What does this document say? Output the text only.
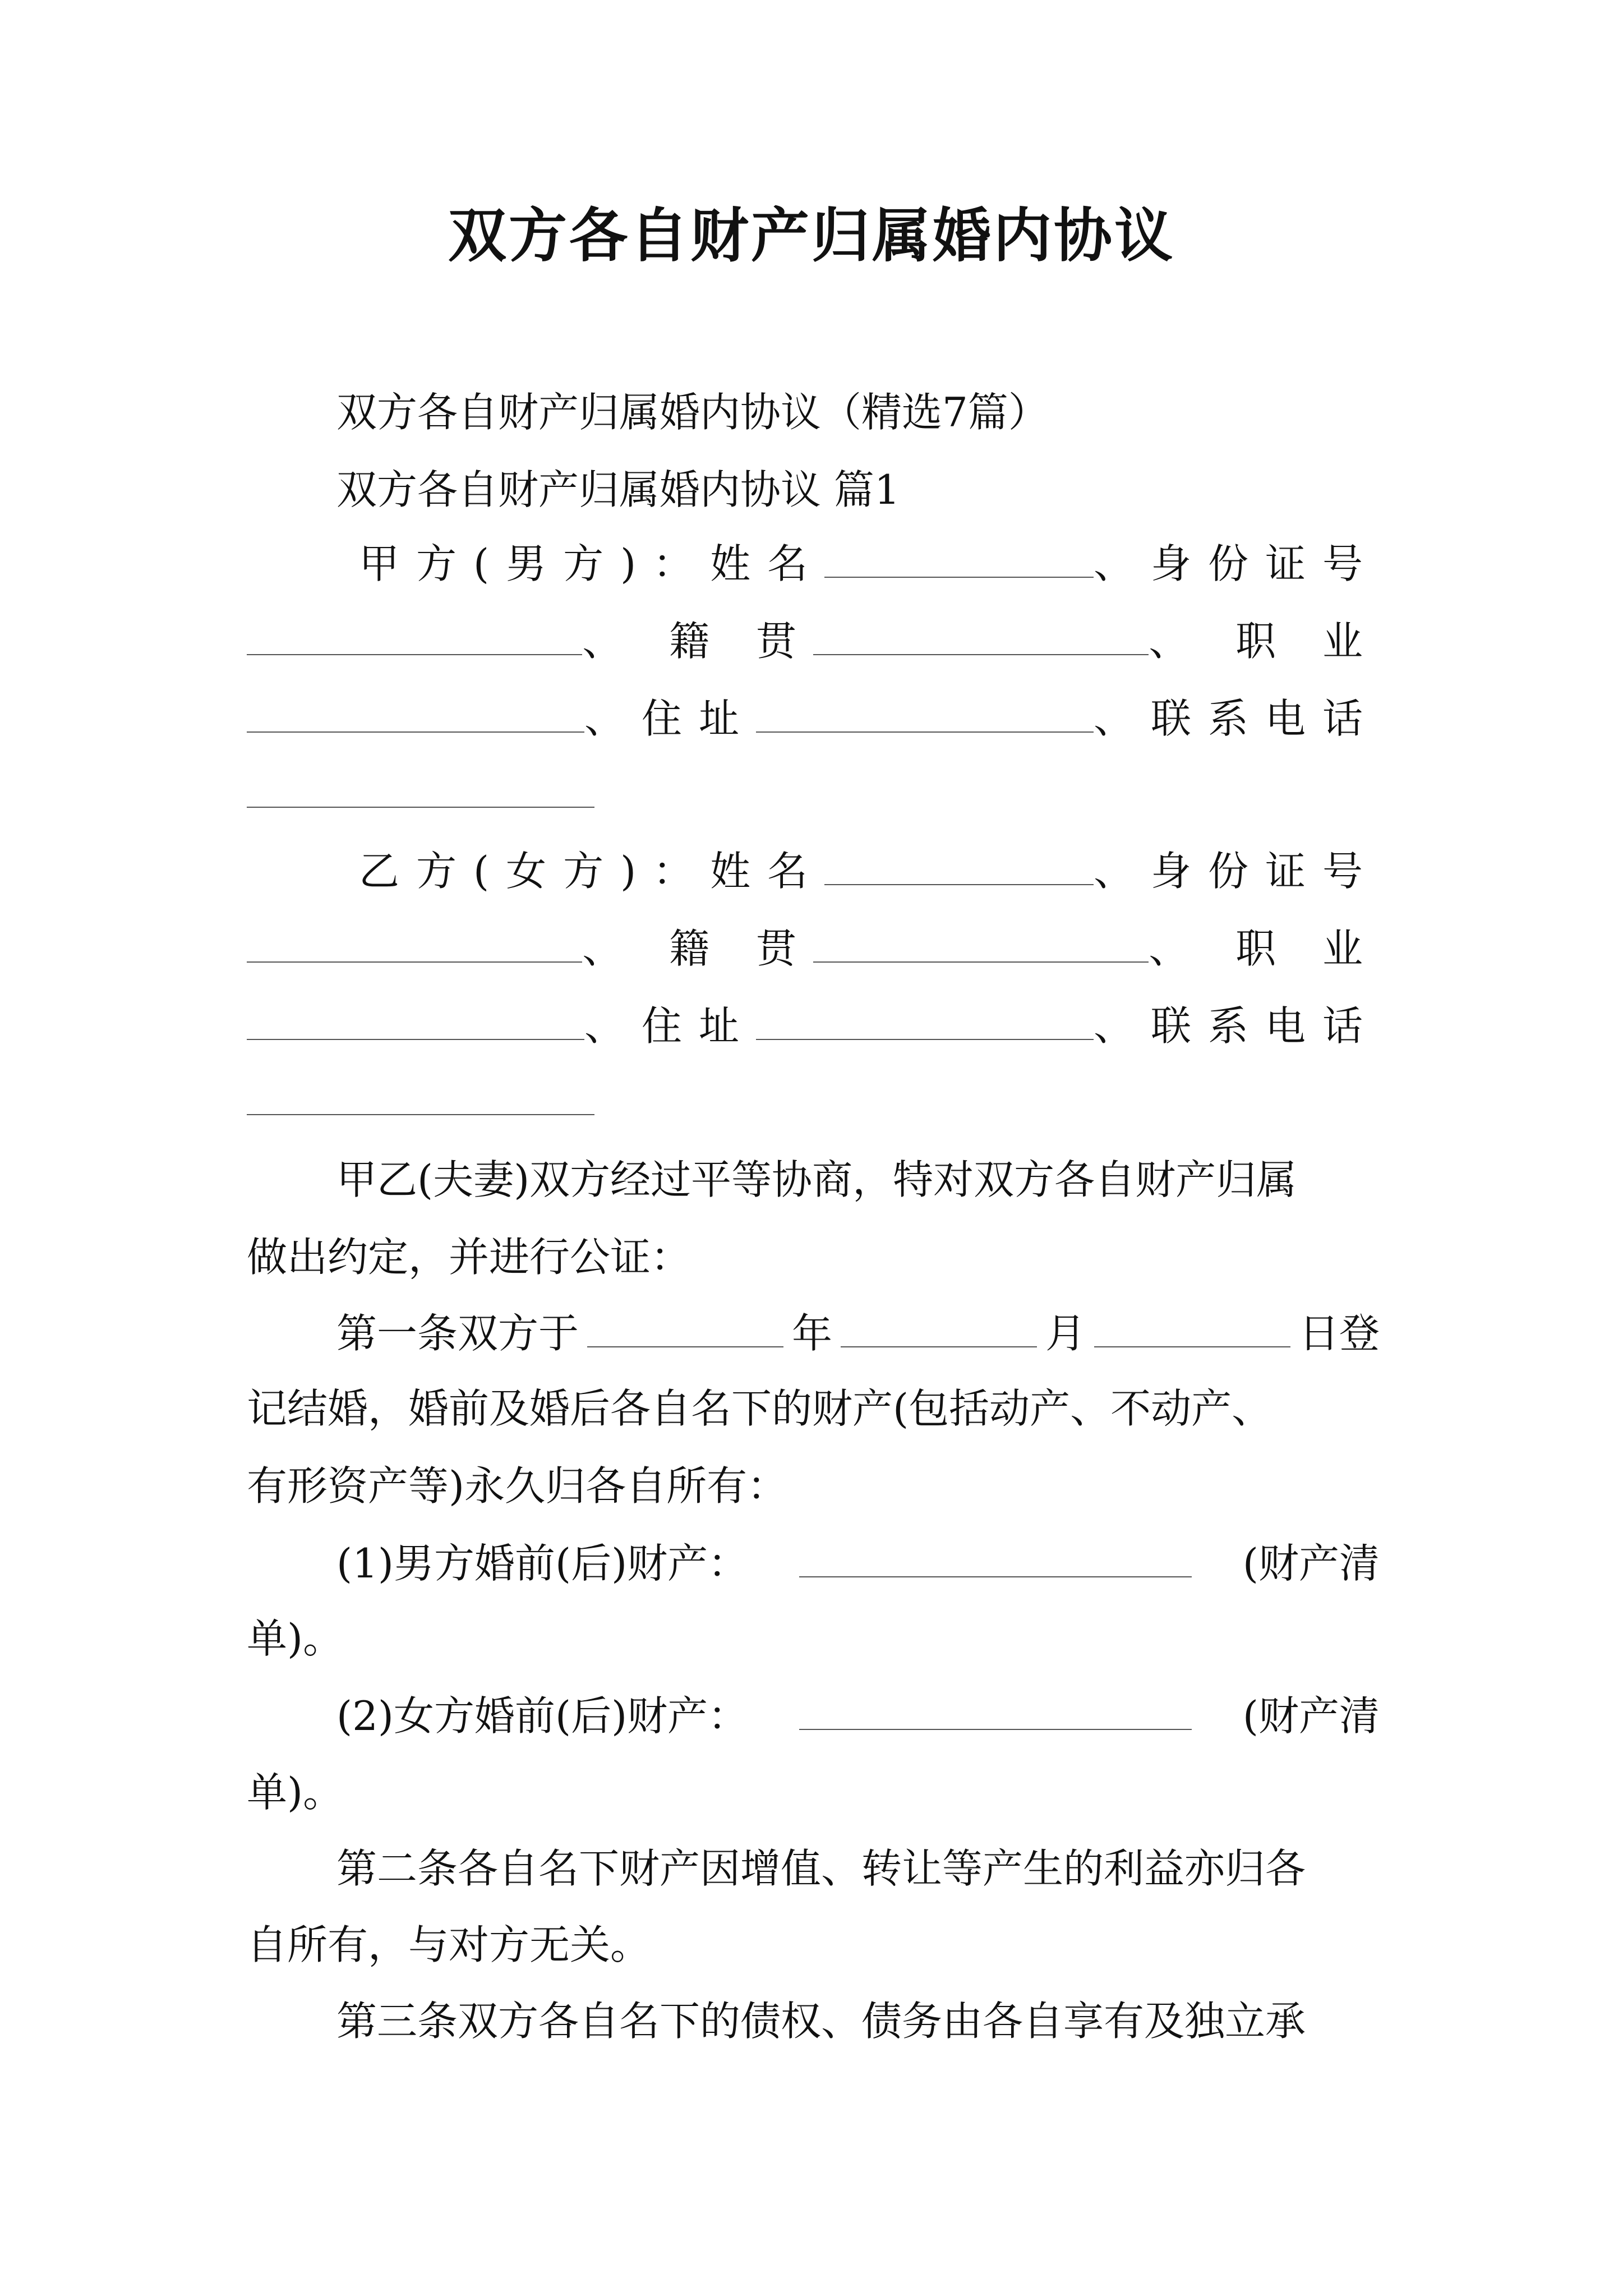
双方各自财产归属婚内协议
双方各自财产归属婚内协议（精选7篇）
双方各自财产归属婚内协议 篇1
甲方(男方)：姓名	、身份证号
、 籍 贯	、 职 业
、住址	、联系电话
乙方(女方)：姓名	、身份证号
、 籍 贯	、 职 业
、住址	、联系电话
甲乙(夫妻)双方经过平等协商，特对双方各自财产归属
做出约定，并进行公证：
第一条双方于	年	月	日登
记结婚，婚前及婚后各自名下的财产(包括动产、不动产、
有形资产等)永久归各自所有：
(1)男方婚前(后)财产：	(财产清
单)。
(2)女方婚前(后)财产：	(财产清
单)。
第二条各自名下财产因增值、转让等产生的利益亦归各
自所有，与对方无关。
第三条双方各自名下的债权、债务由各自享有及独立承
